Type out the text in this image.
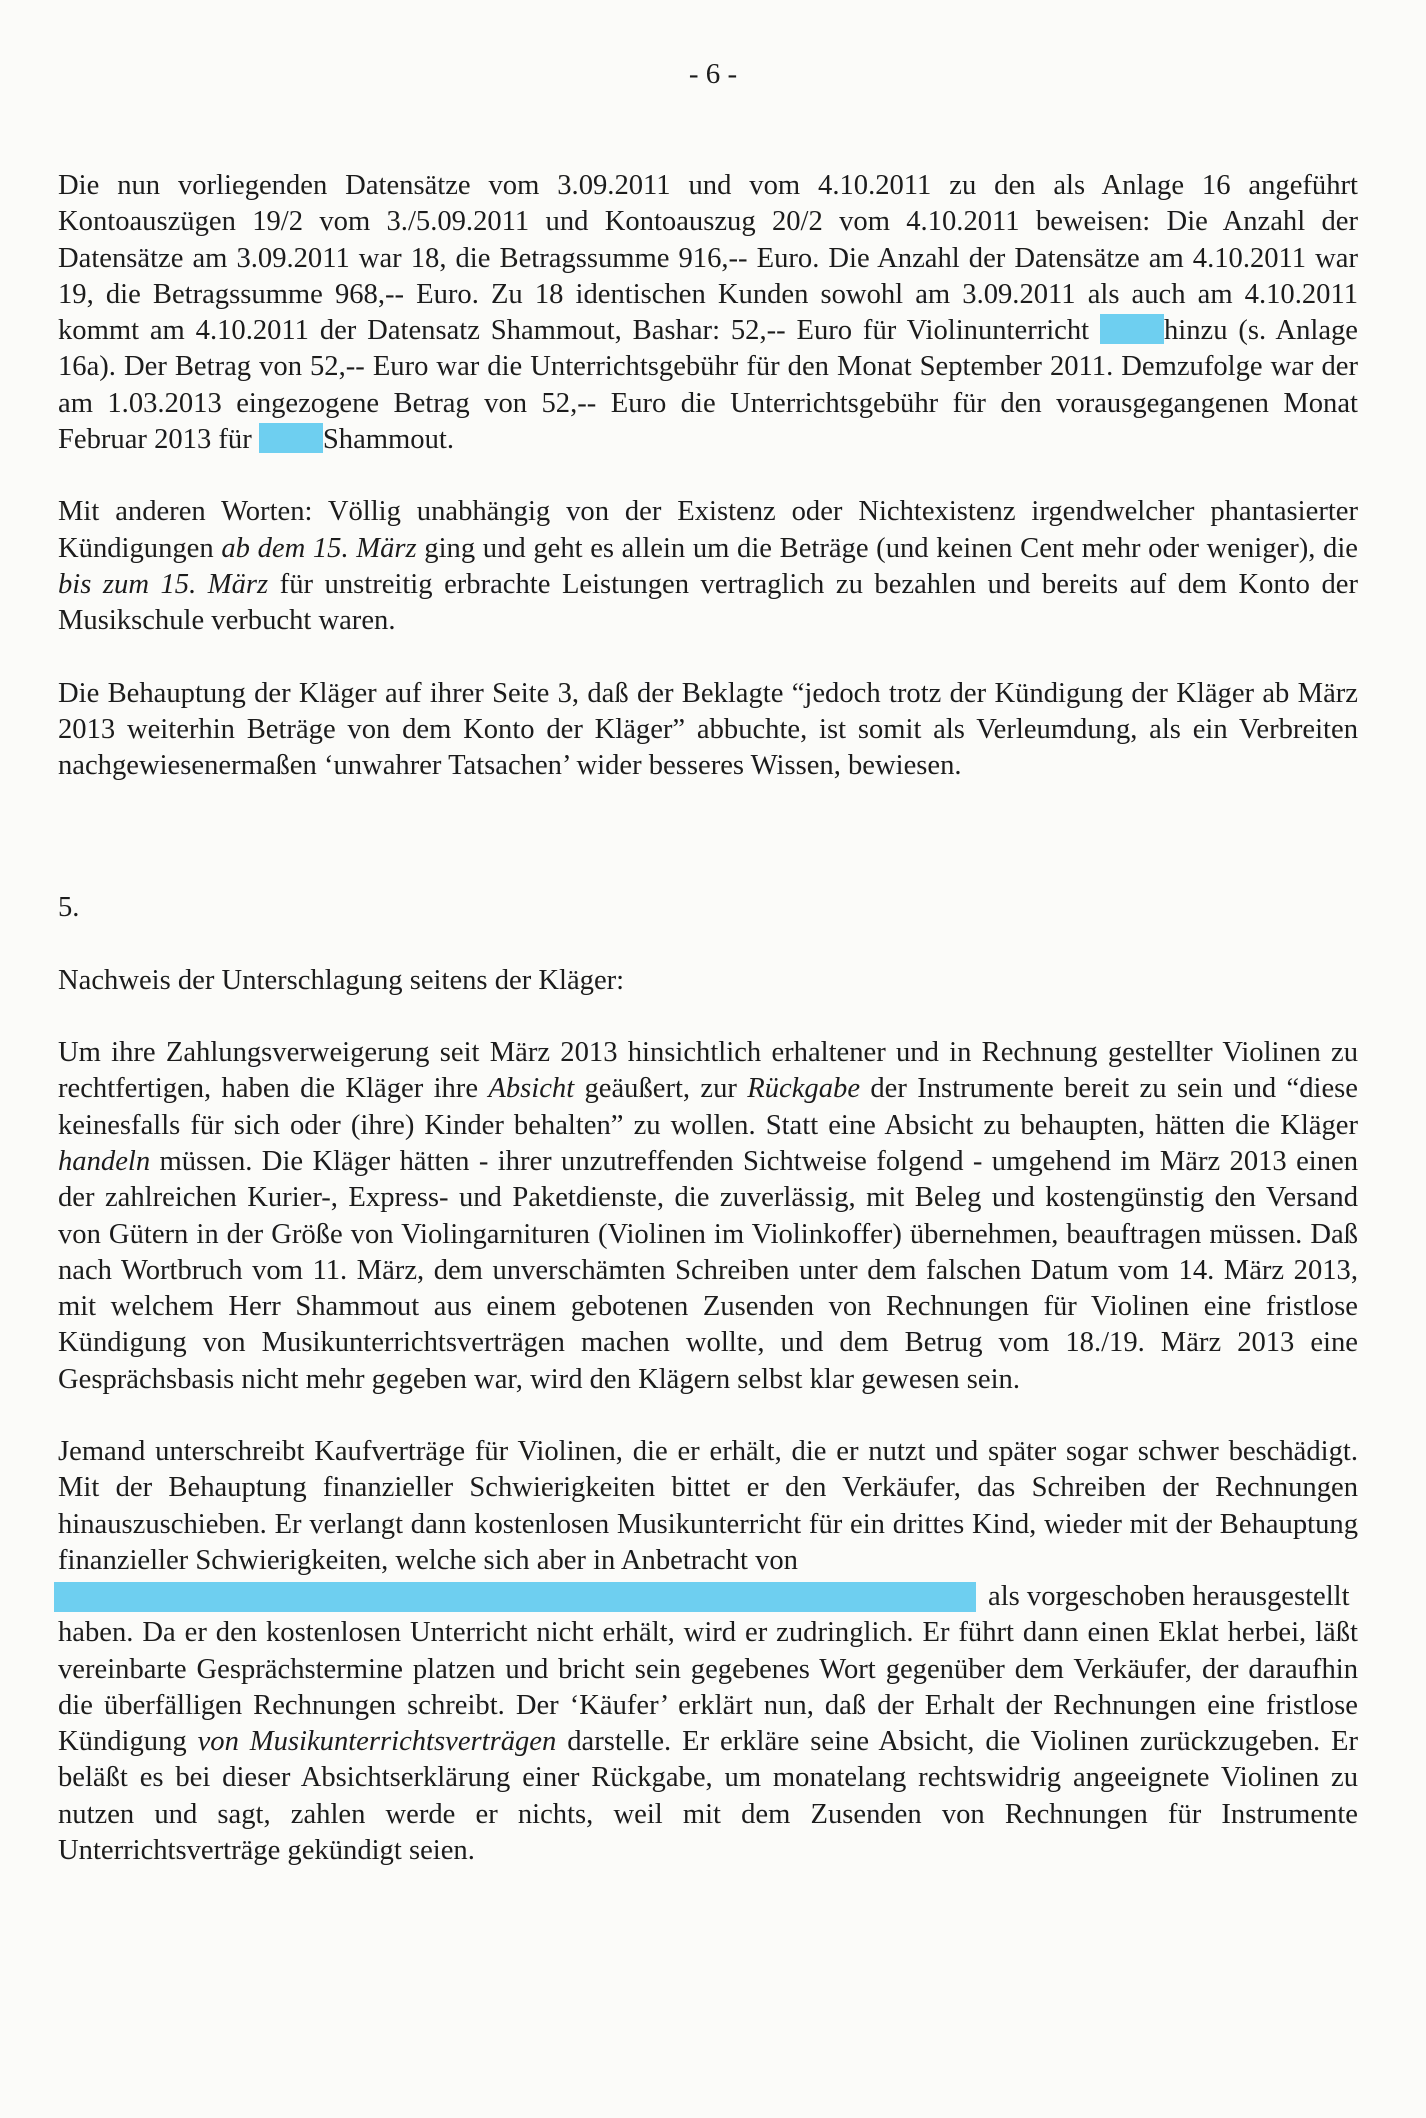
- 6 -

Die nun vorliegenden Datensätze vom 3.09.2011 und vom 4.10.2011 zu den als Anlage 16 angeführt Kontoauszügen 19/2 vom 3./5.09.2011 und Kontoauszug 20/2 vom 4.10.2011 beweisen: Die Anzahl der Datensätze am 3.09.2011 war 18, die Betragssumme 916,-- Euro. Die Anzahl der Datensätze am 4.10.2011 war 19, die Betragssumme 968,-- Euro. Zu 18 identischen Kunden sowohl am 3.09.2011 als auch am 4.10.2011 kommt am 4.10.2011 der Datensatz Shammout, Bashar: 52,-- Euro für Violinunterricht	hinzu (s. Anlage 16a). Der Betrag von 52,-- Euro war die Unterrichtsgebühr für den Monat September 2011. Demzufolge war der am 1.03.2013 eingezogene Betrag von 52,-- Euro die Unterrichtsgebühr für den vorausgegangenen Monat Februar 2013 für Shammout.

Mit anderen Worten: Völlig unabhängig von der Existenz oder Nichtexistenz irgendwelcher phantasierter Kündigungen ab dem 15. März ging und geht es allein um die Beträge (und keinen Cent mehr oder weniger), die bis zum 15. März für unstreitig erbrachte Leistungen vertraglich zu bezahlen und bereits auf dem Konto der Musikschule verbucht waren.

Die Behauptung der Kläger auf ihrer Seite 3, daß der Beklagte “jedoch trotz der Kündigung der Kläger ab März 2013 weiterhin Beträge von dem Konto der Kläger” abbuchte, ist somit als Verleumdung, als ein Verbreiten nachgewiesenermaßen ‘unwahrer Tatsachen’ wider besseres Wissen, bewiesen.

5.

Nachweis der Unterschlagung seitens der Kläger:

Um ihre Zahlungsverweigerung seit März 2013 hinsichtlich erhaltener und in Rechnung gestellter Violinen zu rechtfertigen, haben die Kläger ihre Absicht geäußert, zur Rückgabe der Instrumente bereit zu sein und “diese keinesfalls für sich oder (ihre) Kinder behalten” zu wollen. Statt eine Absicht zu behaupten, hätten die Kläger handeln müssen. Die Kläger hätten - ihrer unzutreffenden Sichtweise folgend - umgehend im März 2013 einen der zahlreichen Kurier-, Express- und Paketdienste, die zuverlässig, mit Beleg und kostengünstig den Versand von Gütern in der Größe von Violingarnituren (Violinen im Violinkoffer) übernehmen, beauftragen müssen. Daß nach Wortbruch vom 11. März, dem unverschämten Schreiben unter dem falschen Datum vom 14. März 2013, mit welchem Herr Shammout aus einem gebotenen Zusenden von Rechnungen für Violinen eine fristlose Kündigung von Musikunterrichtsverträgen machen wollte, und dem Betrug vom 18./19. März 2013 eine Gesprächsbasis nicht mehr gegeben war, wird den Klägern selbst klar gewesen sein.

Jemand unterschreibt Kaufverträge für Violinen, die er erhält, die er nutzt und später sogar schwer beschädigt. Mit der Behauptung finanzieller Schwierigkeiten bittet er den Verkäufer, das Schreiben der Rechnungen hinauszuschieben. Er verlangt dann kostenlosen Musikunterricht für ein drittes Kind, wieder mit der Behauptung finanzieller Schwierigkeiten, welche sich aber in Anbetracht von

als vorgeschoben herausgestellt

haben. Da er den kostenlosen Unterricht nicht erhält, wird er zudringlich. Er führt dann einen Eklat herbei, läßt vereinbarte Gesprächstermine platzen und bricht sein gegebenes Wort gegenüber dem Verkäufer, der daraufhin die überfälligen Rechnungen schreibt. Der ‘Käufer’ erklärt nun, daß der Erhalt der Rechnungen eine fristlose Kündigung von Musikunterrichtsverträgen darstelle. Er erkläre seine Absicht, die Violinen zurückzugeben. Er beläßt es bei dieser Absichtserklärung einer Rückgabe, um monatelang rechtswidrig angeeignete Violinen zu nutzen und sagt, zahlen werde er nichts, weil mit dem Zusenden von Rechnungen für Instrumente Unterrichtsverträge gekündigt seien.
